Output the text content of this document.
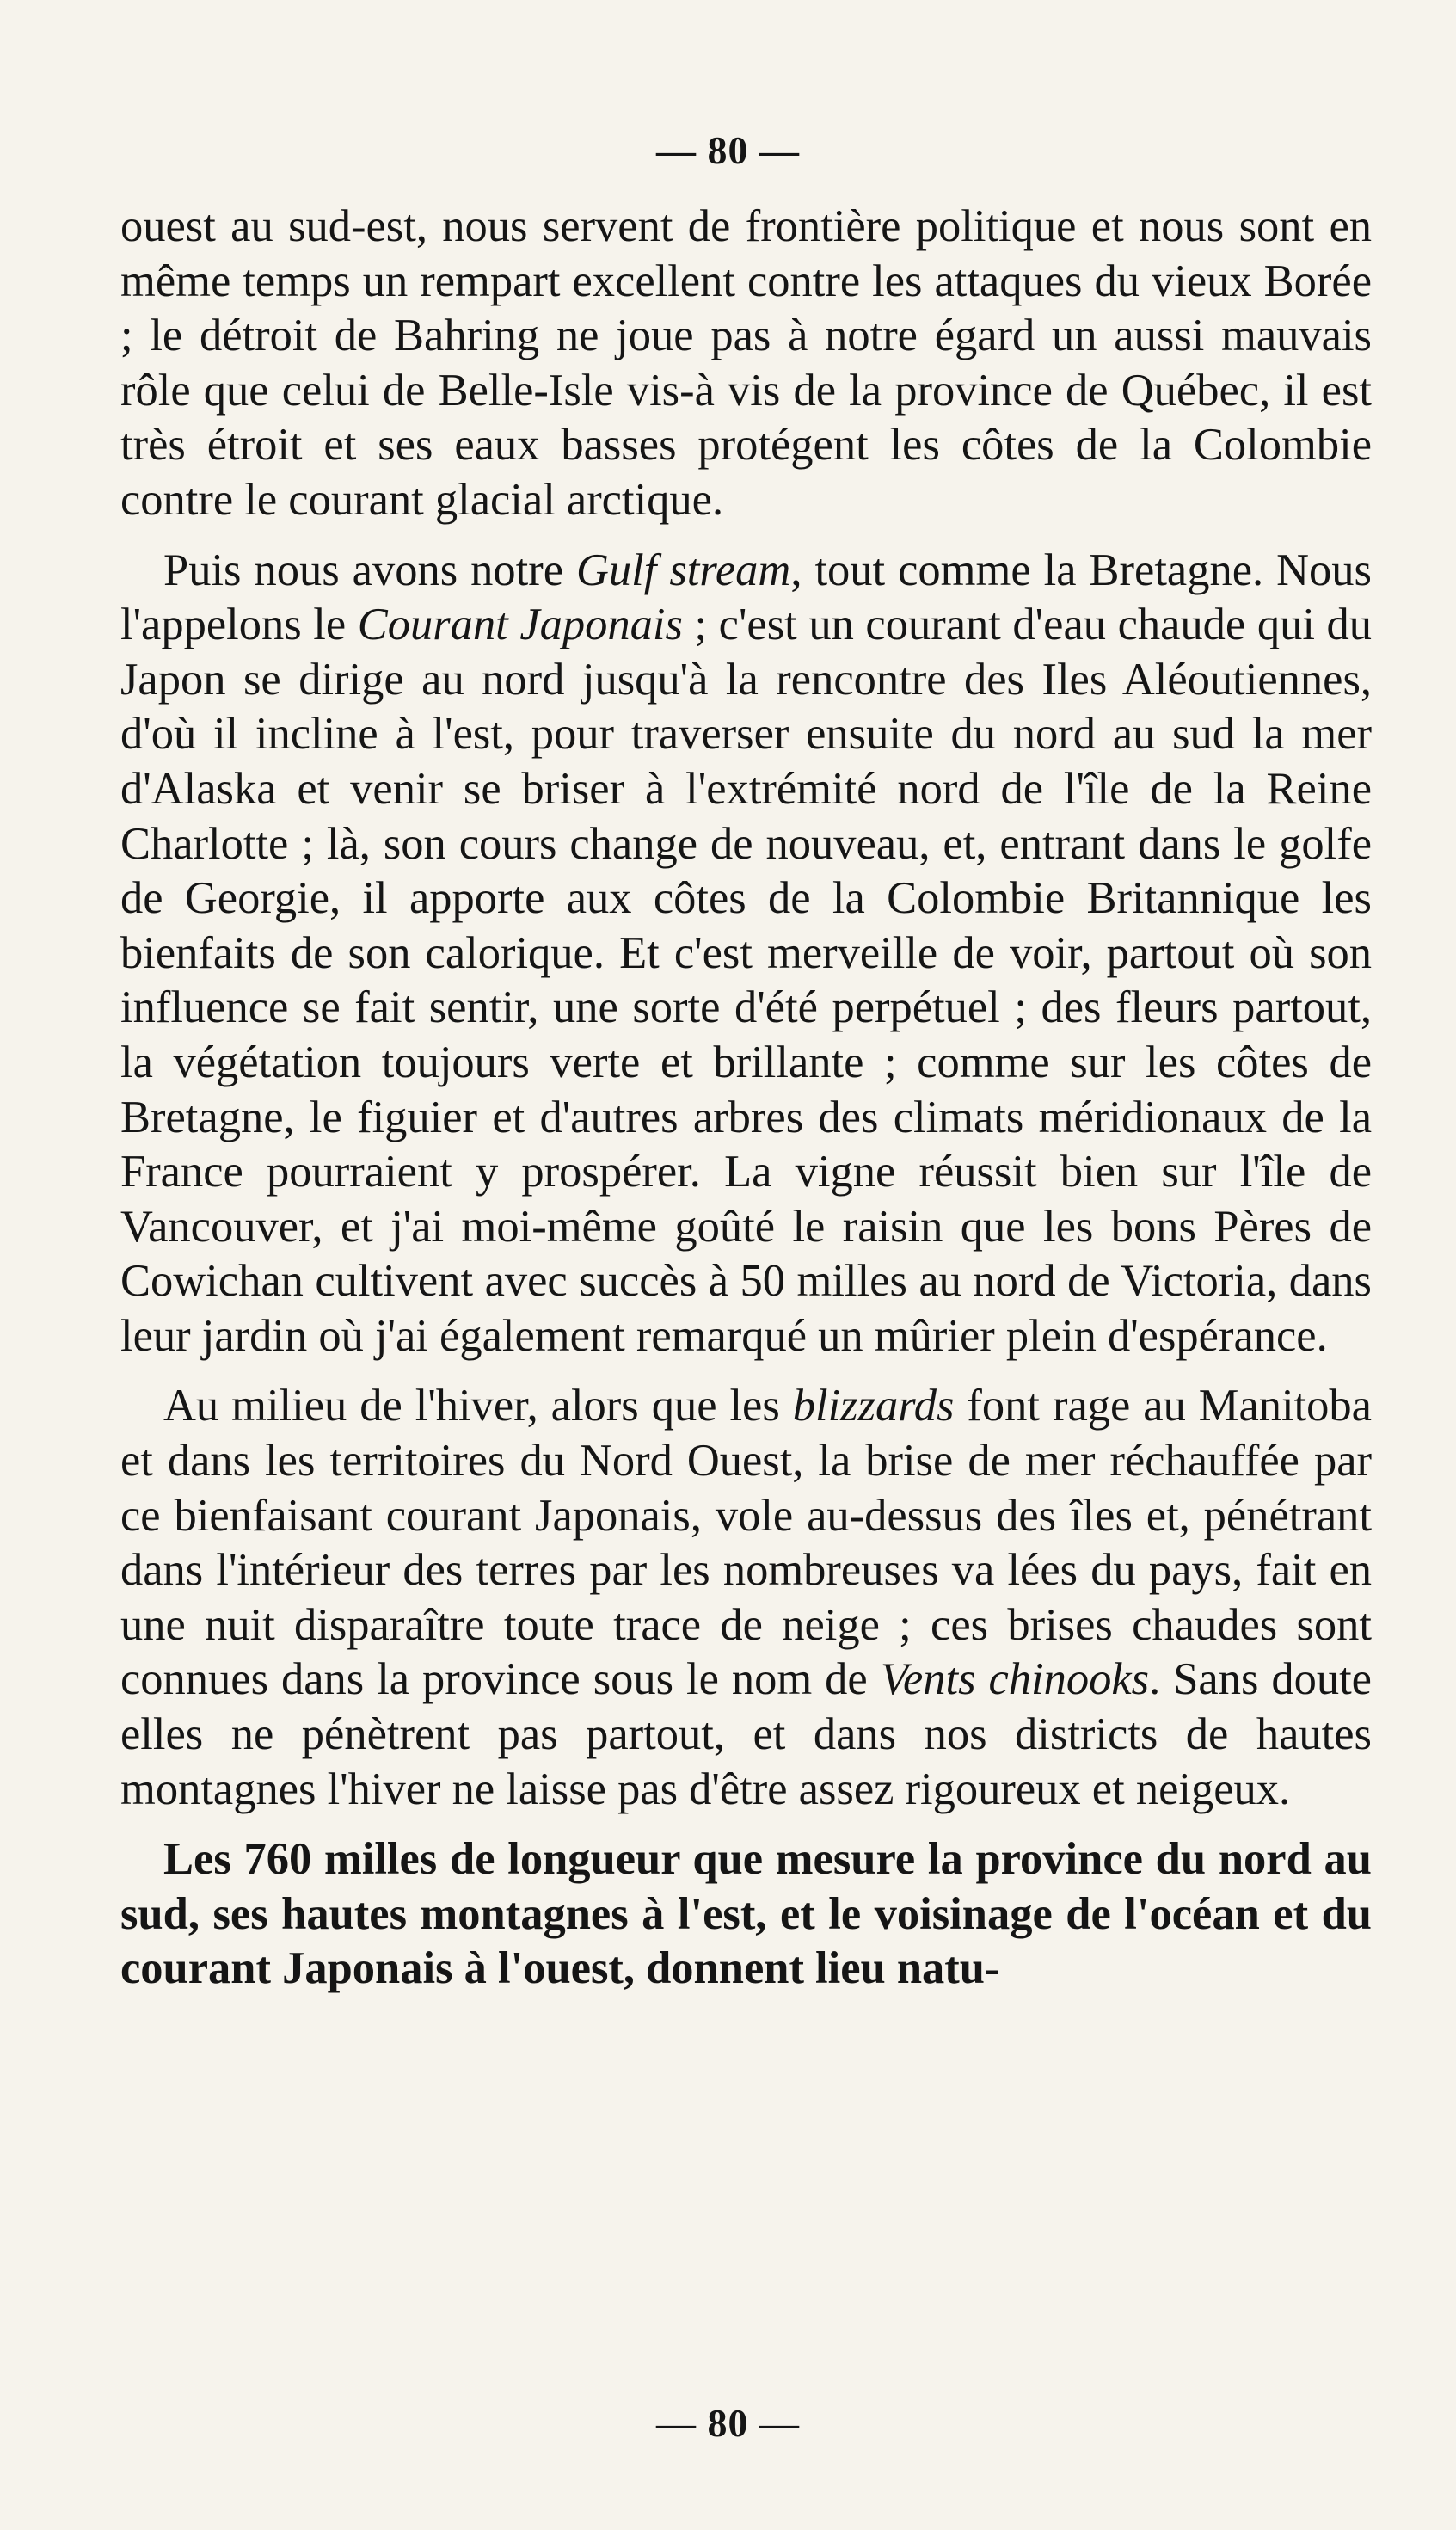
— 80 —

ouest au sud-est, nous servent de frontière politique et nous sont en même temps un rempart excellent contre les attaques du vieux Borée ; le détroit de Bahring ne joue pas à notre égard un aussi mauvais rôle que celui de Belle-Isle vis-à vis de la province de Québec, il est très étroit et ses eaux basses protégent les côtes de la Colombie contre le courant glacial arctique.

Puis nous avons notre Gulf stream, tout comme la Bretagne. Nous l'appelons le Courant Japonais ; c'est un courant d'eau chaude qui du Japon se dirige au nord jusqu'à la rencontre des Iles Aléoutiennes, d'où il incline à l'est, pour traverser ensuite du nord au sud la mer d'Alaska et venir se briser à l'extrémité nord de l'île de la Reine Charlotte ; là, son cours change de nouveau, et, entrant dans le golfe de Georgie, il apporte aux côtes de la Colombie Britannique les bienfaits de son calorique. Et c'est merveille de voir, partout où son influence se fait sentir, une sorte d'été perpétuel ; des fleurs partout, la végétation toujours verte et brillante ; comme sur les côtes de Bretagne, le figuier et d'autres arbres des climats méridionaux de la France pourraient y prospérer. La vigne réussit bien sur l'île de Vancouver, et j'ai moi-même goûté le raisin que les bons Pères de Cowichan cultivent avec succès à 50 milles au nord de Victoria, dans leur jardin où j'ai également remarqué un mûrier plein d'espérance.

Au milieu de l'hiver, alors que les blizzards font rage au Manitoba et dans les territoires du Nord Ouest, la brise de mer réchauffée par ce bienfaisant courant Japonais, vole au-dessus des îles et, pénétrant dans l'intérieur des terres par les nombreuses va lées du pays, fait en une nuit disparaître toute trace de neige ; ces brises chaudes sont connues dans la province sous le nom de Vents chinooks. Sans doute elles ne pénètrent pas partout, et dans nos districts de hautes montagnes l'hiver ne laisse pas d'être assez rigoureux et neigeux.

Les 760 milles de longueur que mesure la province du nord au sud, ses hautes montagnes à l'est, et le voisinage de l'océan et du courant Japonais à l'ouest, donnent lieu natu-

— 80 —
